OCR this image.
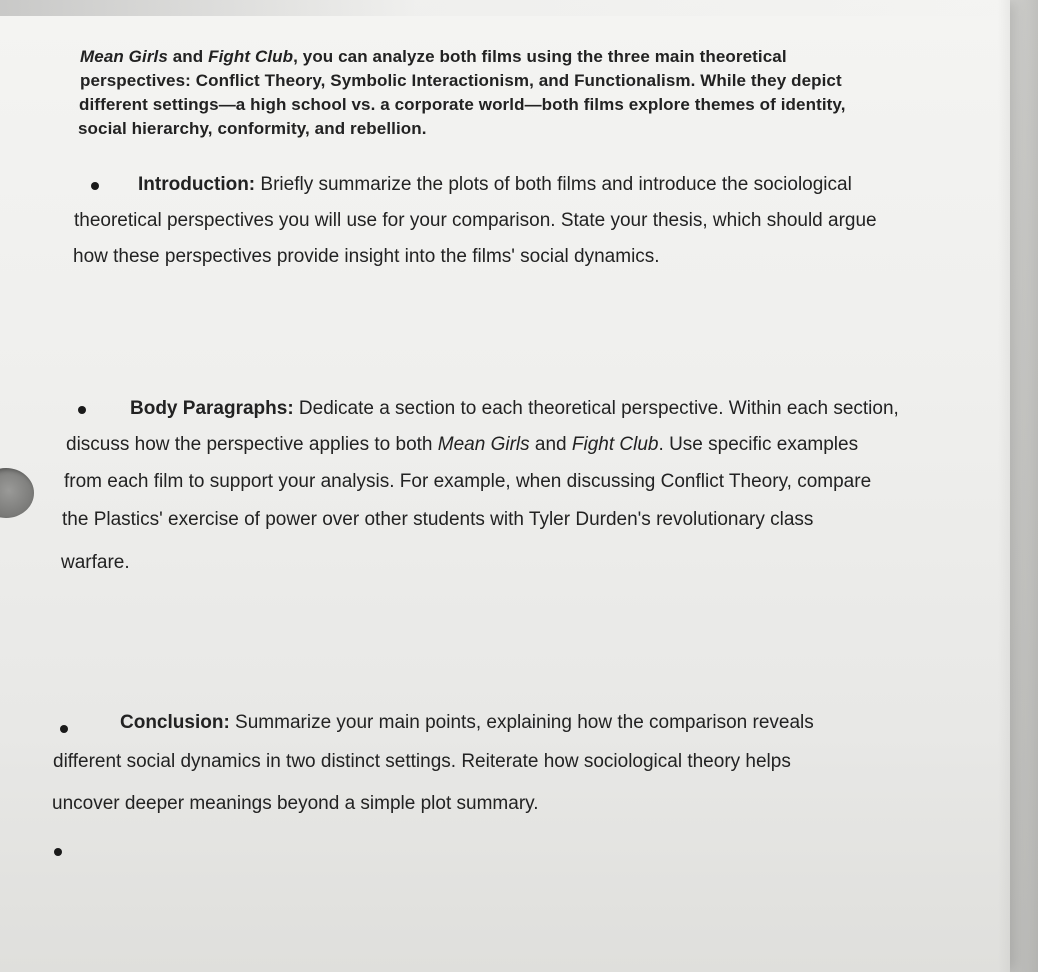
Mean Girls and Fight Club, you can analyze both films using the three main theoretical
perspectives: Conflict Theory, Symbolic Interactionism, and Functionalism. While they depict
different settings—a high school vs. a corporate world—both films explore themes of identity,
social hierarchy, conformity, and rebellion.
Introduction: Briefly summarize the plots of both films and introduce the sociological
theoretical perspectives you will use for your comparison. State your thesis, which should argue
how these perspectives provide insight into the films' social dynamics.
Body Paragraphs: Dedicate a section to each theoretical perspective. Within each section,
discuss how the perspective applies to both Mean Girls and Fight Club. Use specific examples
from each film to support your analysis. For example, when discussing Conflict Theory, compare
the Plastics' exercise of power over other students with Tyler Durden's revolutionary class
warfare.
Conclusion: Summarize your main points, explaining how the comparison reveals
different social dynamics in two distinct settings. Reiterate how sociological theory helps
uncover deeper meanings beyond a simple plot summary.
